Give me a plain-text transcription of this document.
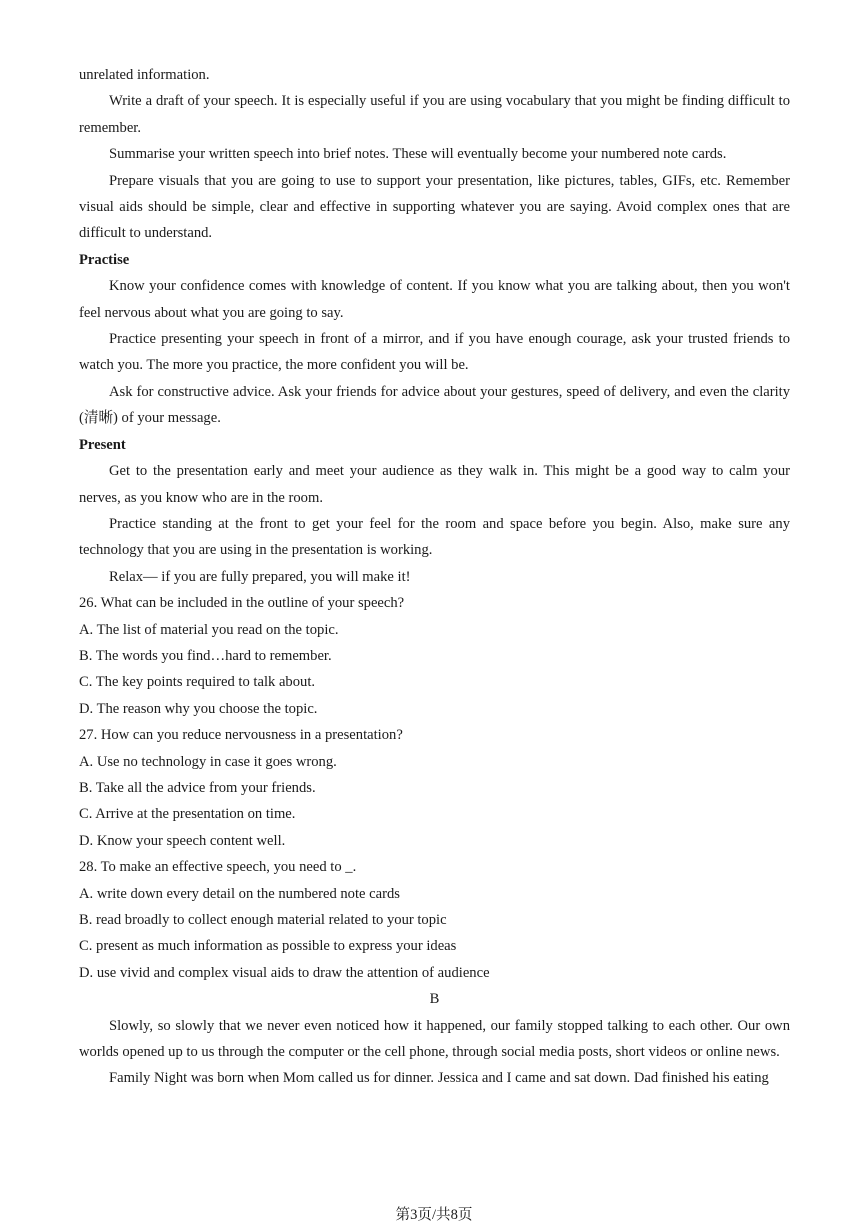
unrelated information.

Write a draft of your speech. It is especially useful if you are using vocabulary that you might be finding difficult to remember.

Summarise your written speech into brief notes. These will eventually become your numbered note cards.

Prepare visuals that you are going to use to support your presentation, like pictures, tables, GIFs, etc. Remember visual aids should be simple, clear and effective in supporting whatever you are saying. Avoid complex ones that are difficult to understand.

Practise

Know your confidence comes with knowledge of content. If you know what you are talking about, then you won't feel nervous about what you are going to say.

Practice presenting your speech in front of a mirror, and if you have enough courage, ask your trusted friends to watch you. The more you practice, the more confident you will be.

Ask for constructive advice. Ask your friends for advice about your gestures, speed of delivery, and even the clarity (清晰) of your message.

Present

Get to the presentation early and meet your audience as they walk in. This might be a good way to calm your nerves, as you know who are in the room.

Practice standing at the front to get your feel for the room and space before you begin. Also, make sure any technology that you are using in the presentation is working.

Relax— if you are fully prepared, you will make it!

26. What can be included in the outline of your speech?

A. The list of material you read on the topic.

B. The words you find…hard to remember.

C. The key points required to talk about.

D. The reason why you choose the topic.

27. How can you reduce nervousness in a presentation?

A. Use no technology in case it goes wrong.

B. Take all the advice from your friends.

C. Arrive at the presentation on time.

D. Know your speech content well.

28. To make an effective speech, you need to _.

A. write down every detail on the numbered note cards

B. read broadly to collect enough material related to your topic

C. present as much information as possible to express your ideas

D. use vivid and complex visual aids to draw the attention of audience

B

Slowly, so slowly that we never even noticed how it happened, our family stopped talking to each other. Our own worlds opened up to us through the computer or the cell phone, through social media posts, short videos or online news.

Family Night was born when Mom called us for dinner. Jessica and I came and sat down. Dad finished his eating

第3页/共8页
